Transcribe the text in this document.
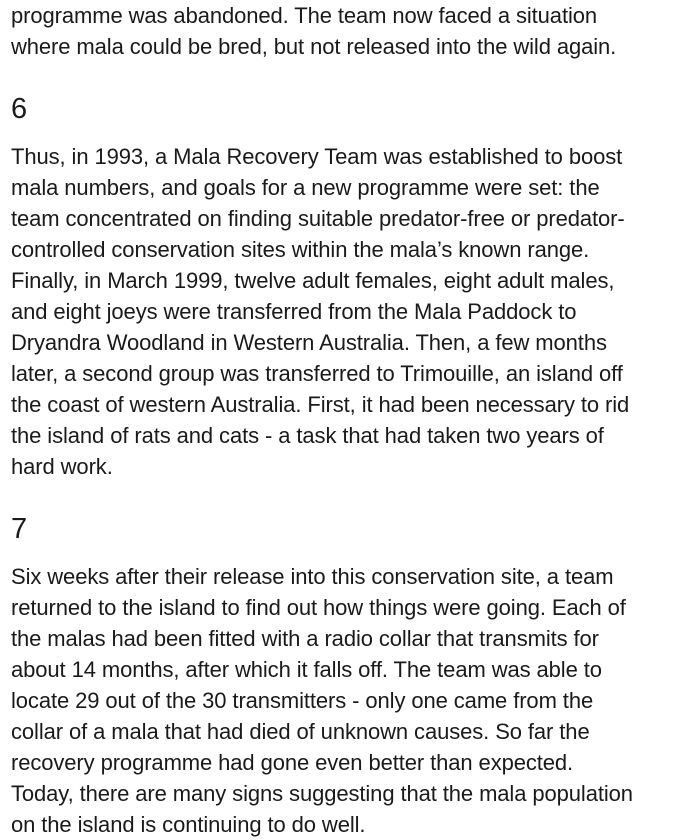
programme was abandoned. The team now faced a situation
where mala could be bred, but not released into the wild again.
6
Thus, in 1993, a Mala Recovery Team was established to boost
mala numbers, and goals for a new programme were set: the
team concentrated on finding suitable predator-free or predator-
controlled conservation sites within the mala’s known range.
Finally, in March 1999, twelve adult females, eight adult males,
and eight joeys were transferred from the Mala Paddock to
Dryandra Woodland in Western Australia. Then, a few months
later, a second group was transferred to Trimouille, an island off
the coast of western Australia. First, it had been necessary to rid
the island of rats and cats - a task that had taken two years of
hard work.
7
Six weeks after their release into this conservation site, a team
returned to the island to find out how things were going. Each of
the malas had been fitted with a radio collar that transmits for
about 14 months, after which it falls off. The team was able to
locate 29 out of the 30 transmitters - only one came from the
collar of a mala that had died of unknown causes. So far the
recovery programme had gone even better than expected.
Today, there are many signs suggesting that the mala population
on the island is continuing to do well.
